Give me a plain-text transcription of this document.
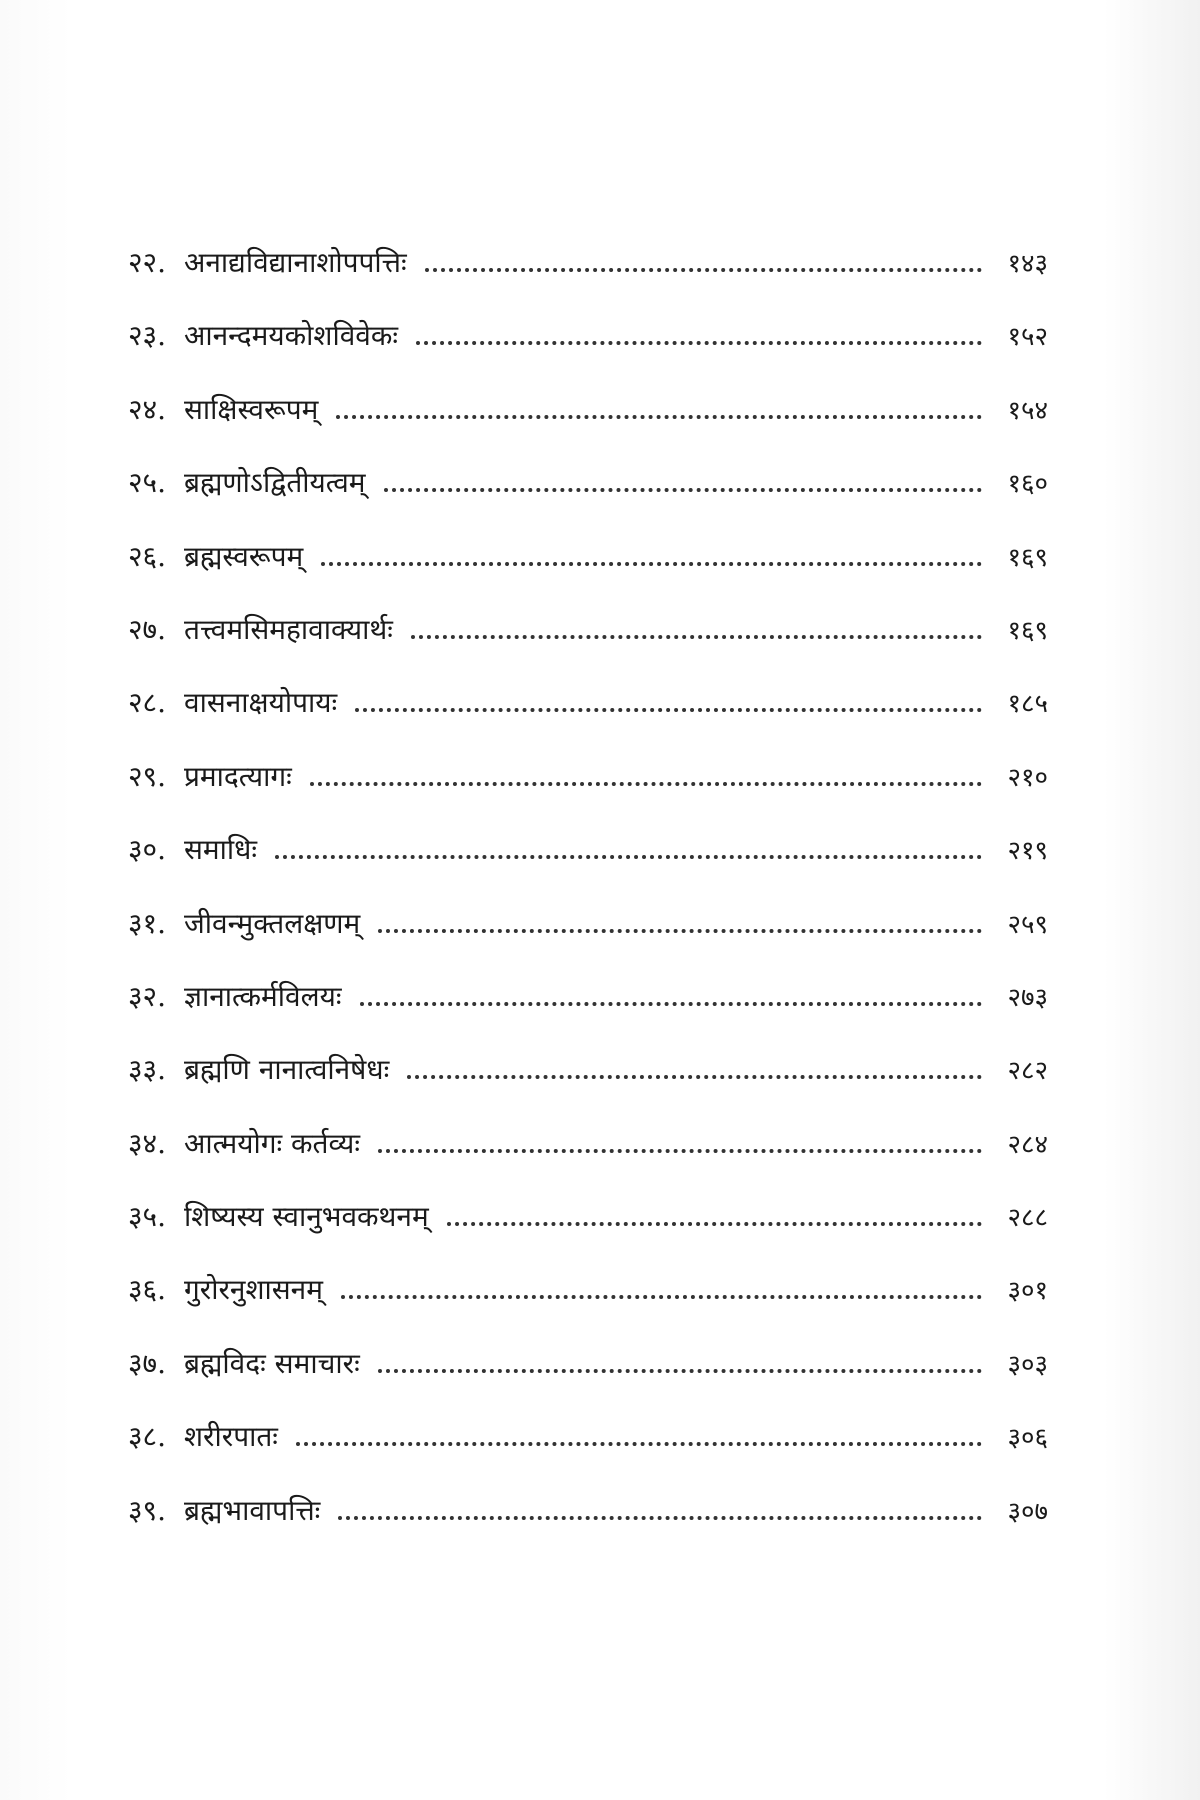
२२. अनाद्यविद्यानाशोपपत्तिः	१४३
२३. आनन्दमयकोशविवेकः	१५२
२४. साक्षिस्वरूपम्	१५४
२५. ब्रह्मणोऽद्वितीयत्वम्	१६०
२६. ब्रह्मस्वरूपम्	१६९
२७. तत्त्वमसिमहावाक्यार्थः	१६९
२८. वासनाक्षयोपायः	१८५
२९. प्रमादत्यागः	२१०
३०. समाधिः	२१९
३१. जीवन्मुक्तलक्षणम्	२५९
३२. ज्ञानात्कर्मविलयः	२७३
३३. ब्रह्मणि नानात्वनिषेधः	२८२
३४. आत्मयोगः कर्तव्यः	२८४
३५. शिष्यस्य स्वानुभवकथनम्	२८८
३६. गुरोरनुशासनम्	३०१
३७. ब्रह्मविदः समाचारः	३०३
३८. शरीरपातः	३०६
३९. ब्रह्मभावापत्तिः	३०७
